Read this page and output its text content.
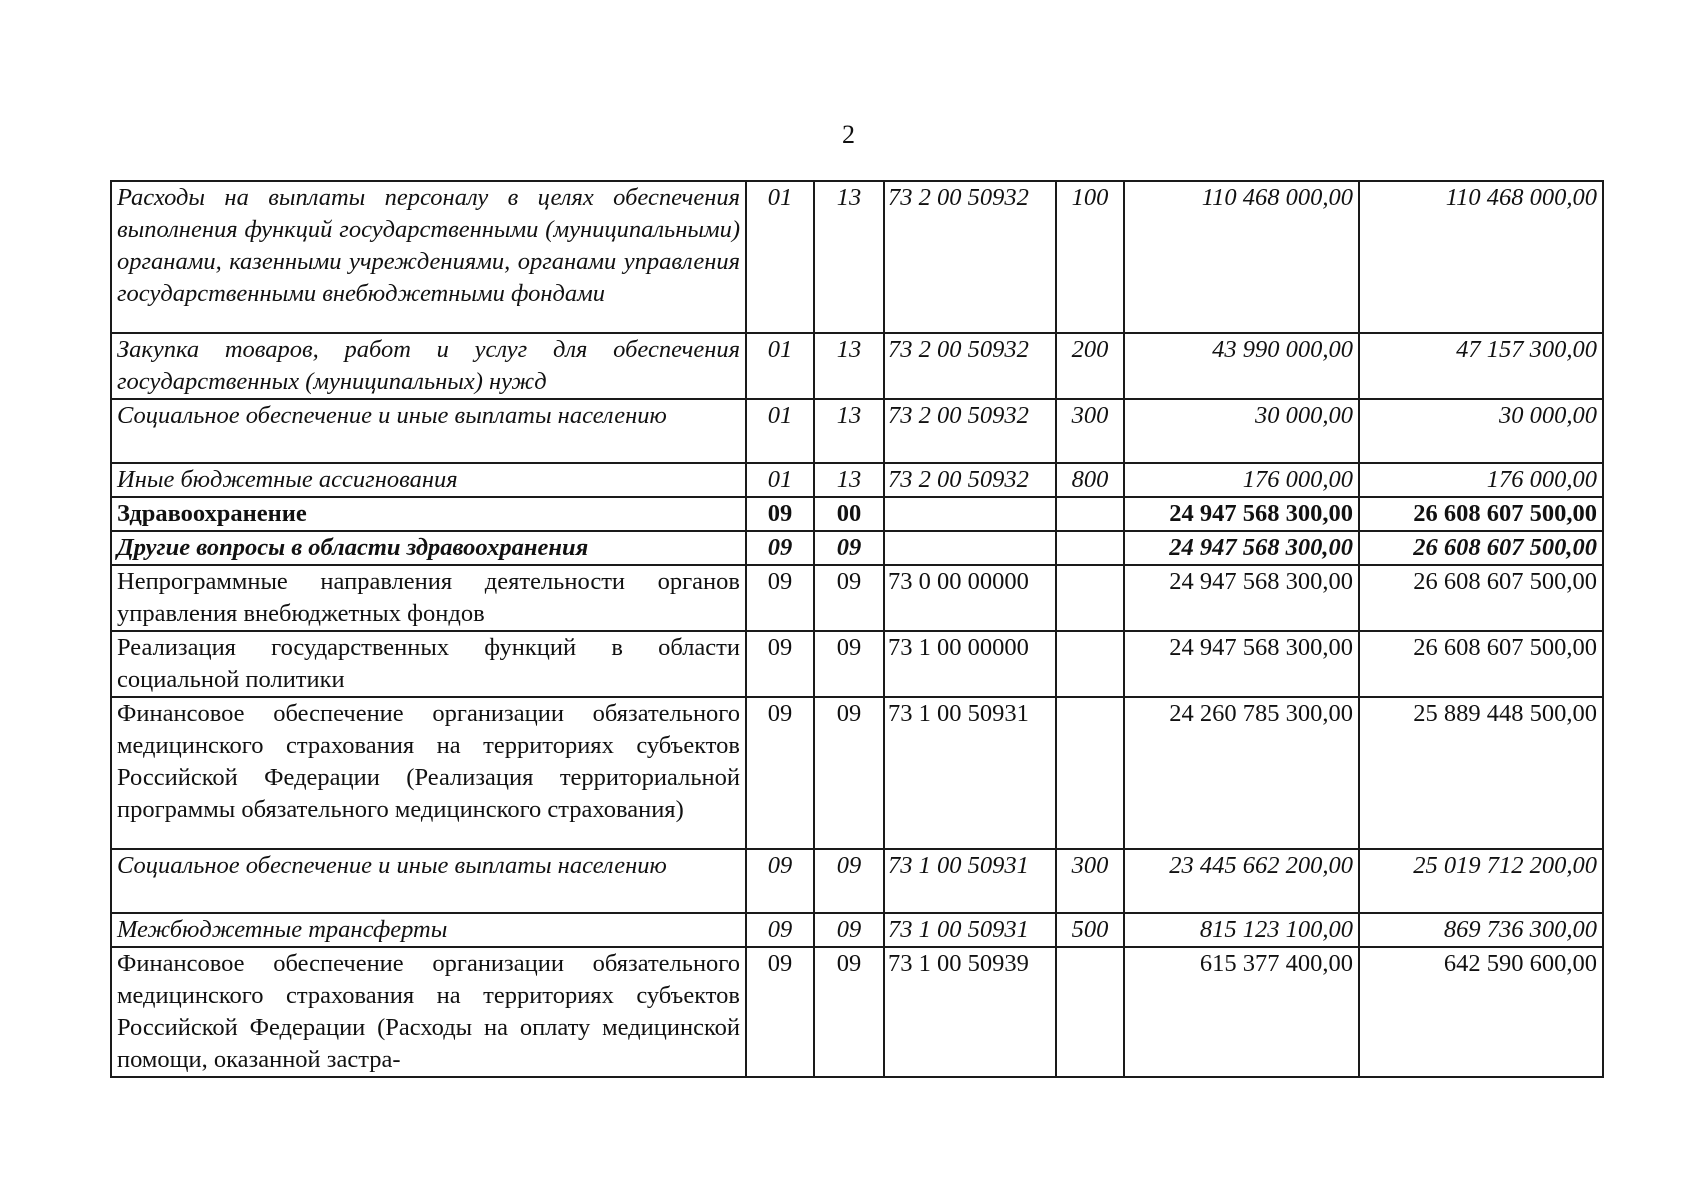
2
Расходы на выплаты персоналу в целях обеспечения выполнения функций государственными (муниципальными) органами, казенными учреждениями, органами управления государственными внебюджетными фондами	01	13	73 2 00 50932	100	110 468 000,00	110 468 000,00
Закупка товаров, работ и услуг для обеспечения государственных (муниципальных) нужд	01	13	73 2 00 50932	200	43 990 000,00	47 157 300,00
Социальное обеспечение и иные выплаты населению	01	13	73 2 00 50932	300	30 000,00	30 000,00
Иные бюджетные ассигнования	01	13	73 2 00 50932	800	176 000,00	176 000,00
Здравоохранение	09	00			24 947 568 300,00	26 608 607 500,00
Другие вопросы в области здравоохранения	09	09			24 947 568 300,00	26 608 607 500,00
Непрограммные направления деятельности органов управления внебюджетных фондов	09	09	73 0 00 00000		24 947 568 300,00	26 608 607 500,00
Реализация государственных функций в области социальной политики	09	09	73 1 00 00000		24 947 568 300,00	26 608 607 500,00
Финансовое обеспечение организации обязательного медицинского страхования на территориях субъектов Российской Федерации (Реализация территориальной программы обязательного медицинского страхования)	09	09	73 1 00 50931		24 260 785 300,00	25 889 448 500,00
Социальное обеспечение и иные выплаты населению	09	09	73 1 00 50931	300	23 445 662 200,00	25 019 712 200,00
Межбюджетные трансферты	09	09	73 1 00 50931	500	815 123 100,00	869 736 300,00
Финансовое обеспечение организации обязательного медицинского страхования на территориях субъектов Российской Федерации (Расходы на оплату медицинской помощи, оказанной застра-	09	09	73 1 00 50939		615 377 400,00	642 590 600,00
